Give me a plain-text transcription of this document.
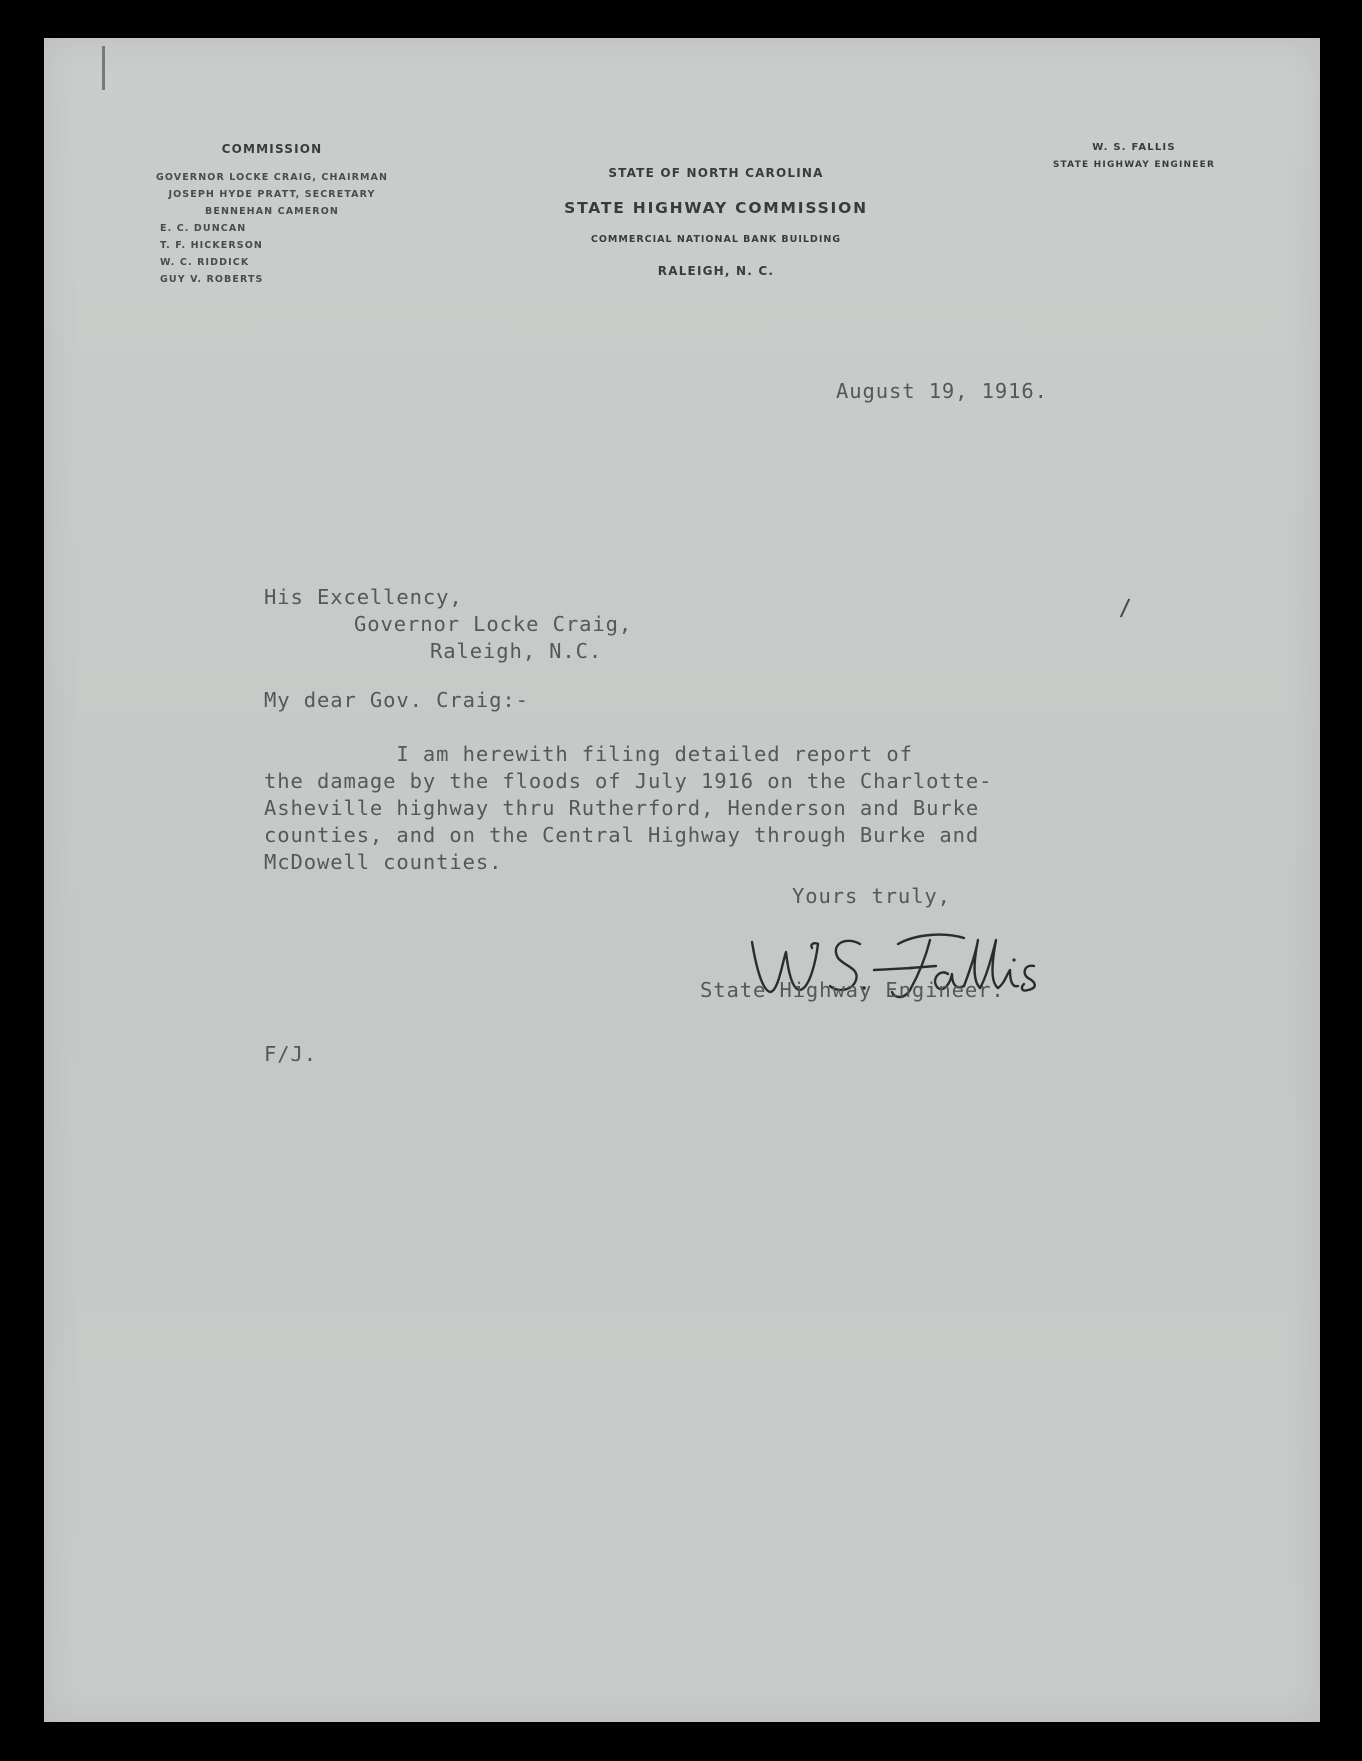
COMMISSION
GOVERNOR LOCKE CRAIG, CHAIRMAN
JOSEPH HYDE PRATT, SECRETARY
BENNEHAN CAMERON
E. C. DUNCAN
T. F. HICKERSON
W. C. RIDDICK
GUY V. ROBERTS
STATE OF NORTH CAROLINA
STATE HIGHWAY COMMISSION
COMMERCIAL NATIONAL BANK BUILDING
RALEIGH, N. C.
W. S. FALLIS
STATE HIGHWAY ENGINEER
August 19, 1916.
His Excellency,
Governor Locke Craig,
Raleigh, N.C.
My dear Gov. Craig:-
I am herewith filing detailed report of
the damage by the floods of July 1916 on the Charlotte-
Asheville highway thru Rutherford, Henderson and Burke
counties, and on the Central Highway through Burke and
McDowell counties.
Yours truly,
State Highway Engineer.
F/J.
